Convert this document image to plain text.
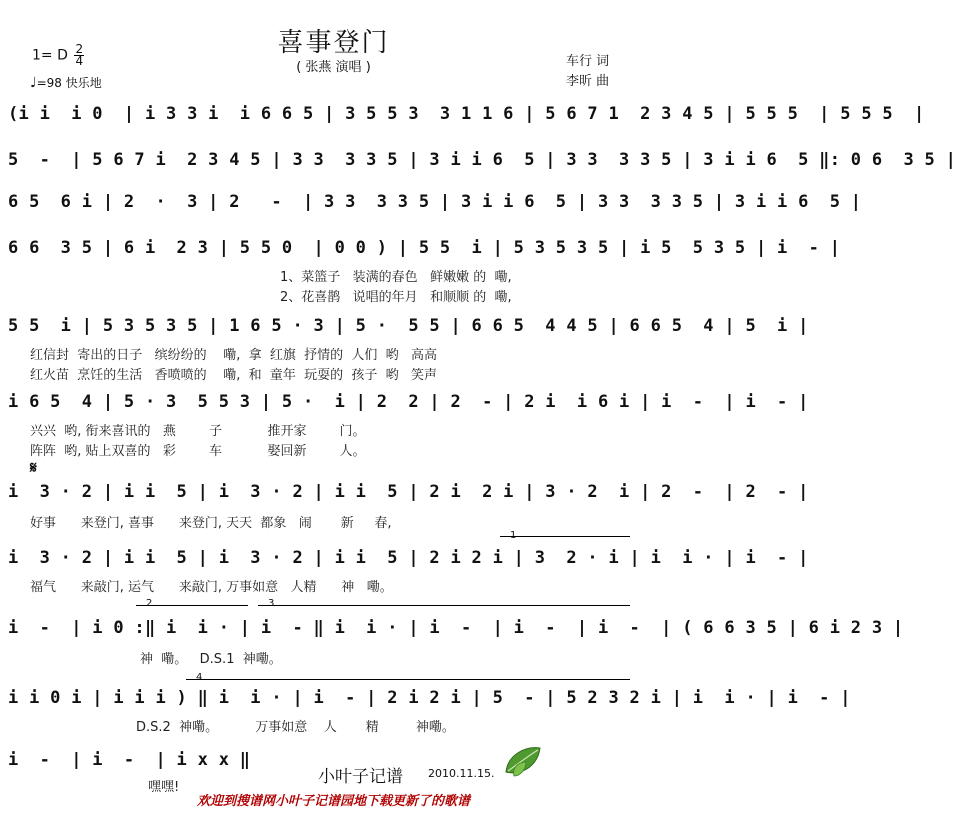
喜事登门
( 张燕 演唱 )
1= D $\frac{2}{4}$
♩=98 快乐地
车行 词
李昕 曲
(i i  i 0  | i 3 3 i  i 6 6 5 | 3 5 5 3  3 1 1 6 | 5 6 7 1  2 3 4 5 | 5 5 5  | 5 5 5  |
5  -  | 5 6 7 i  2 3 4 5 | 3 3  3 3 5 | 3 i i 6  5 | 3 3  3 3 5 | 3 i i 6  5 ‖: 0 6  3 5 |
6 5  6 i | 2  ·  3 | 2   -  | 3 3  3 3 5 | 3 i i 6  5 | 3 3  3 3 5 | 3 i i 6  5 |
6 6  3 5 | 6 i  2 3 | 5 5 0  | 0 0 ) | 5 5  i | 5 3 5 3 5 | i 5  5 3 5 | i  - |
1、菜篮子   装满的春色   鲜嫩嫩 的  嘞,
2、花喜鹊   说唱的年月   和顺顺 的  嘞,
5 5  i | 5 3 5 3 5 | 1 6 5 · 3 | 5 ·  5 5 | 6 6 5  4 4 5 | 6 6 5  4 | 5  i |
红信封  寄出的日子   缤纷纷的    嘞,  拿  红旗  抒情的  人们  哟   高高
红火苗  烹饪的生活   香喷喷的    嘞,  和  童年  玩耍的  孩子  哟   笑声
i 6 5  4 | 5 · 3  5 5 3 | 5 ·  i | 2  2 | 2  - | 2 i  i 6 i | i  -  | i  - |
兴兴  哟, 衔来喜讯的   燕        子           推开家        门。
阵阵  哟, 贴上双喜的   彩        车           娶回新        人。
𝄋
i  3 · 2 | i i  5 | i  3 · 2 | i i  5 | 2 i  2 i | 3 · 2  i | 2  -  | 2  - |
好事      来登门, 喜事      来登门, 天天  都象   闹       新     春,
1
i  3 · 2 | i i  5 | i  3 · 2 | i i  5 | 2 i 2 i | 3  2 · i | i  i · | i  - |
福气      来敲门, 运气      来敲门, 万事如意   人精      神   嘞。
2	3
i  -  | i 0 :‖ i  i · | i  - ‖ i  i · | i  -  | i  -  | i  -  | ( 6 6 3 5 | 6 i 2 3 |
神  嘞。   D.S.1  神嘞。
4
i i 0 i | i i i ) ‖ i  i · | i  - | 2 i 2 i | 5  - | 5 2 3 2 i | i  i · | i  - |
D.S.2  神嘞。         万事如意    人       精         神嘞。
i  -  | i  -  | i x x ‖
嘿嘿!
小叶子记谱 2010.11.15.
欢迎到搜谱网小叶子记谱园地下载更新了的歌谱
